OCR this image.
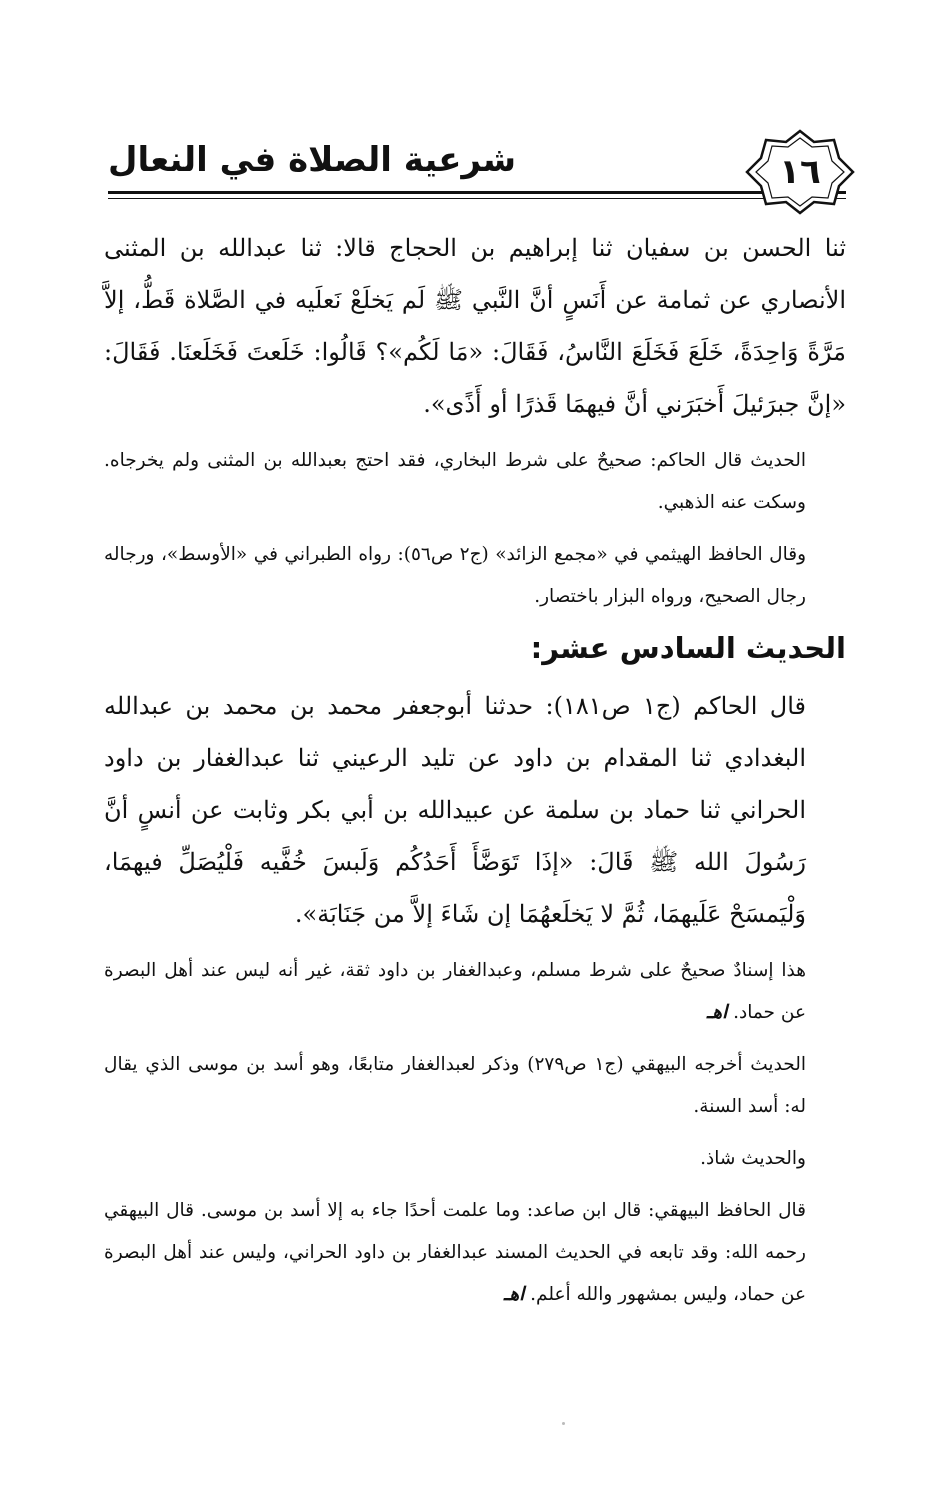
١٦
شرعية الصلاة في النعال

ثنا الحسن بن سفيان ثنا إبراهيم بن الحجاج قالا: ثنا عبدالله بن المثنى الأنصاري عن ثمامة عن أَنَسٍ أنَّ النَّبي ﷺ لَم يَخلَعْ نَعلَيه في الصَّلاة قَطُّ، إلاَّ مَرَّةً وَاحِدَةً، خَلَعَ فَخَلَعَ النَّاسُ، فَقَالَ: «مَا لَكُم»؟ قَالُوا: خَلَعتَ فَخَلَعنَا. فَقَالَ: «إنَّ جبرَئيلَ أَخبَرَني أنَّ فيهمَا قَذرًا أو أَذًى».

الحديث قال الحاكم: صحيحٌ على شرط البخاري، فقد احتج بعبدالله بن المثنى ولم يخرجاه. وسكت عنه الذهبي.

وقال الحافظ الهيثمي في «مجمع الزائد» (ج٢ ص٥٦): رواه الطبراني في «الأوسط»، ورجاله رجال الصحيح، ورواه البزار باختصار.

الحديث السادس عشر:

قال الحاكم (ج١ ص١٨١): حدثنا أبوجعفر محمد بن محمد بن عبدالله البغدادي ثنا المقدام بن داود عن تليد الرعيني ثنا عبدالغفار بن داود الحراني ثنا حماد بن سلمة عن عبيدالله بن أبي بكر وثابت عن أنسٍ أنَّ رَسُولَ الله ﷺ قَالَ: «إذَا تَوَضَّأَ أَحَدُكُم وَلَبسَ خُفَّيه فَلْيُصَلِّ فيهمَا، وَلْيَمسَحْ عَلَيهمَا، ثُمَّ لا يَخلَعهُمَا إن شَاءَ إلاَّ من جَنَابَة».

هذا إسنادٌ صحيحٌ على شرط مسلم، وعبدالغفار بن داود ثقة، غير أنه ليس عند أهل البصرة عن حماد. اهـ

الحديث أخرجه البيهقي (ج١ ص٢٧٩) وذكر لعبدالغفار متابعًا، وهو أسد بن موسى الذي يقال له: أسد السنة.

والحديث شاذ.

قال الحافظ البيهقي: قال ابن صاعد: وما علمت أحدًا جاء به إلا أسد بن موسى. قال البيهقي رحمه الله: وقد تابعه في الحديث المسند عبدالغفار بن داود الحراني، وليس عند أهل البصرة عن حماد، وليس بمشهور والله أعلم. اهـ
